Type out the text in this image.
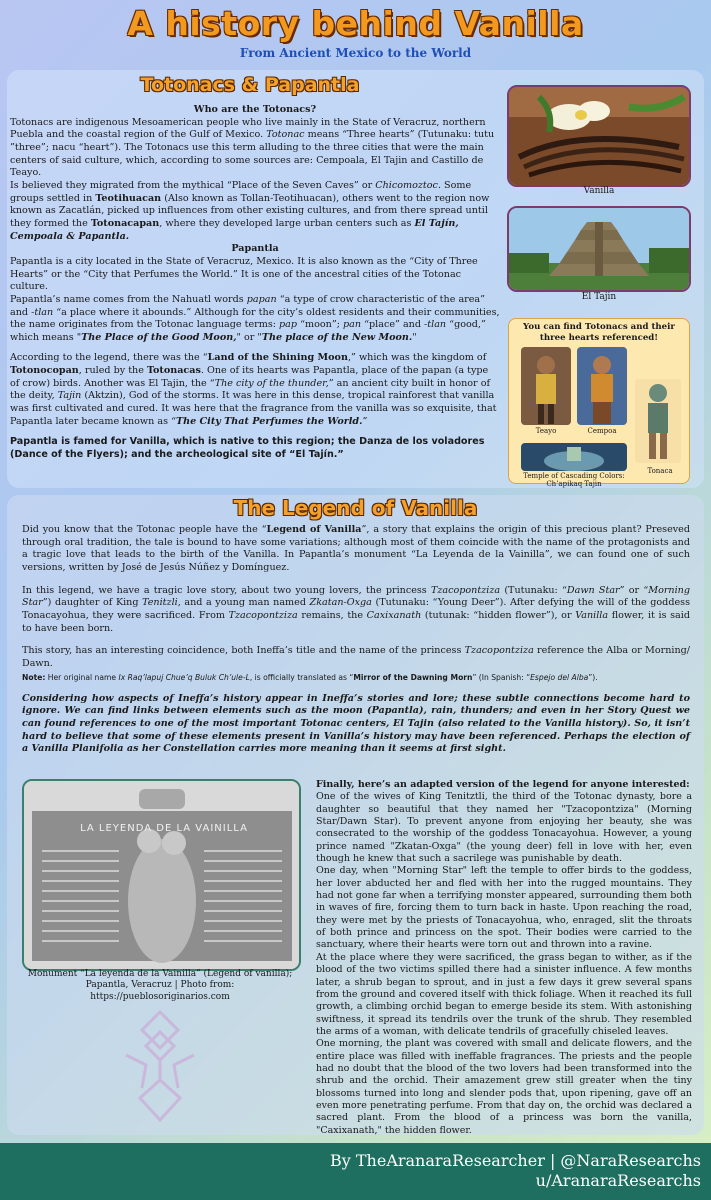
A history behind Vanilla
From Ancient Mexico to the World
Totonacs & Papantla

Who are the Totonacs?

Totonacs are indigenous Mesoamerican people who live mainly in the State of Veracruz, northern Puebla and the coastal region of the Gulf of Mexico. Totonac means “Three hearts” (Tutunaku: tutu ”three”; nacu “heart”). The Totonacs use this term alluding to the three cities that were the main centers of said culture, which, according to some sources are: Cempoala, El Tajin and Castillo de Teayo.

Is believed they migrated from the mythical “Place of the Seven Caves” or Chicomoztoc. Some groups settled in Teotihuacan (Also known as Tollan-Teotihuacan), others went to the region now known as Zacatlán, picked up influences from other existing cultures, and from there spread until they formed the Totonacapan, where they developed large urban centers such as El Tajín, Cempoala & Papantla.

Papantla

Papantla is a city located in the State of Veracruz, Mexico. It is also known as the “City of Three Hearts” or the “City that Perfumes the World.” It is one of the ancestral cities of the Totonac culture.

Papantla’s name comes from the Nahuatl words papan “a type of crow characteristic of the area” and -tlan “a place where it abounds.” Although for the city’s oldest residents and their communities, the name originates from the Totonac language terms: pap “moon”; pan “place” and -tlan “good,” which means "The Place of the Good Moon," or "The place of the New Moon."

According to the legend, there was the “Land of the Shining Moon,” which was the kingdom of Totonocopan, ruled by the Totonacas. One of its hearts was Papantla, place of the papan (a type of crow) birds. Another was El Tajin, the “The city of the thunder,” an ancient city built in honor of the deity, Tajin (Aktzin), God of the storms. It was here in this dense, tropical rainforest that vanilla was first cultivated and cured. It was here that the fragrance from the vanilla was so exquisite, that Papantla later became known as “The City That Perfumes the World.”

Papantla is famed for Vanilla, which is native to this region; the Danza de los voladores (Dance of the Flyers); and the archeological site of “El Tajín.”

Vanilla
El Tajin
You can find Totonacs and their three hearts referenced!
Teayo	Cempoa
Tonaca
Temple of Cascading Colors:
Ch’apikaq Tajin
The Legend of Vanilla

Did you know that the Totonac people have the “Legend of Vanilla”, a story that explains the origin of this precious plant? Preseved through oral tradition, the tale is bound to have some variations; although most of them coincide with the name of the protagonists and a tragic love that leads to the birth of the Vanilla. In Papantla’s monument “La Leyenda de la Vainilla”, we can found one of such versions, written by José de Jesús Núñez y Domínguez.

In this legend, we have a tragic love story, about two young lovers, the princess Tzacopontziza (Tutunaku: “Dawn Star” or “Morning Star”) daughter of King Tenitzli, and a young man named Zkatan-Oxga (Tutunaku: “Young Deer”). After defying the will of the goddess Tonacayohua, they were sacrificed. From Tzacopontziza remains, the Caxixanath (tutunak: “hidden flower”), or Vanilla flower, it is said to have been born.

This story, has an interesting coincidence, both Ineffa’s title and the name of the princess Tzacopontziza reference the Alba or Morning/ Dawn.

Note: Her original name Ix Raq’lapuj Chue’q Buluk Ch’ule-L, is officially translated as “Mirror of the Dawning Morn” (In Spanish: “Espejo del Alba”).

Considering how aspects of Ineffa’s history appear in Ineffa’s stories and lore; these subtle connections become hard to ignore. We can find links between elements such as the moon (Papantla), rain, thunders; and even in her Story Quest we can found references to one of the most important Totonac centers, El Tajin (also related to the Vanilla history). So, it isn’t hard to believe that some of these elements present in Vanilla’s history may have been referenced. Perhaps the election of a Vanilla Planifolia as her Constellation carries more meaning than it seems at first sight.

LA LEYENDA DE LA VAINILLA
Monument “La leyenda de la Vainilla” (Legend of vanilla); Papantla, Veracruz | Photo from: https://pueblosoriginarios.com

Finally, here’s an adapted version of the legend for anyone interested:

One of the wives of King Tenitztli, the third of the Totonac dynasty, bore a daughter so beautiful that they named her "Tzacopontziza" (Morning Star/Dawn Star). To prevent anyone from enjoying her beauty, she was consecrated to the worship of the goddess Tonacayohua. However, a young prince named "Zkatan-Oxga" (the young deer) fell in love with her, even though he knew that such a sacrilege was punishable by death.

One day, when "Morning Star" left the temple to offer birds to the goddess, her lover abducted her and fled with her into the rugged mountains. They had not gone far when a terrifying monster appeared, surrounding them both in waves of fire, forcing them to turn back in haste. Upon reaching the road, they were met by the priests of Tonacayohua, who, enraged, slit the throats of both prince and princess on the spot. Their bodies were carried to the sanctuary, where their hearts were torn out and thrown into a ravine.

At the place where they were sacrificed, the grass began to wither, as if the blood of the two victims spilled there had a sinister influence. A few months later, a shrub began to sprout, and in just a few days it grew several spans from the ground and covered itself with thick foliage. When it reached its full growth, a climbing orchid began to emerge beside its stem. With astonishing swiftness, it spread its tendrils over the trunk of the shrub. They resembled the arms of a woman, with delicate tendrils of gracefully chiseled leaves.

One morning, the plant was covered with small and delicate flowers, and the entire place was filled with ineffable fragrances. The priests and the people had no doubt that the blood of the two lovers had been transformed into the shrub and the orchid. Their amazement grew still greater when the tiny blossoms turned into long and slender pods that, upon ripening, gave off an even more penetrating perfume. From that day on, the orchid was declared a sacred plant. From the blood of a princess was born the vanilla, "Caxixanath," the hidden flower.

By TheAranaraResearcher | @NaraResearchs
u/AranaraResearchs
